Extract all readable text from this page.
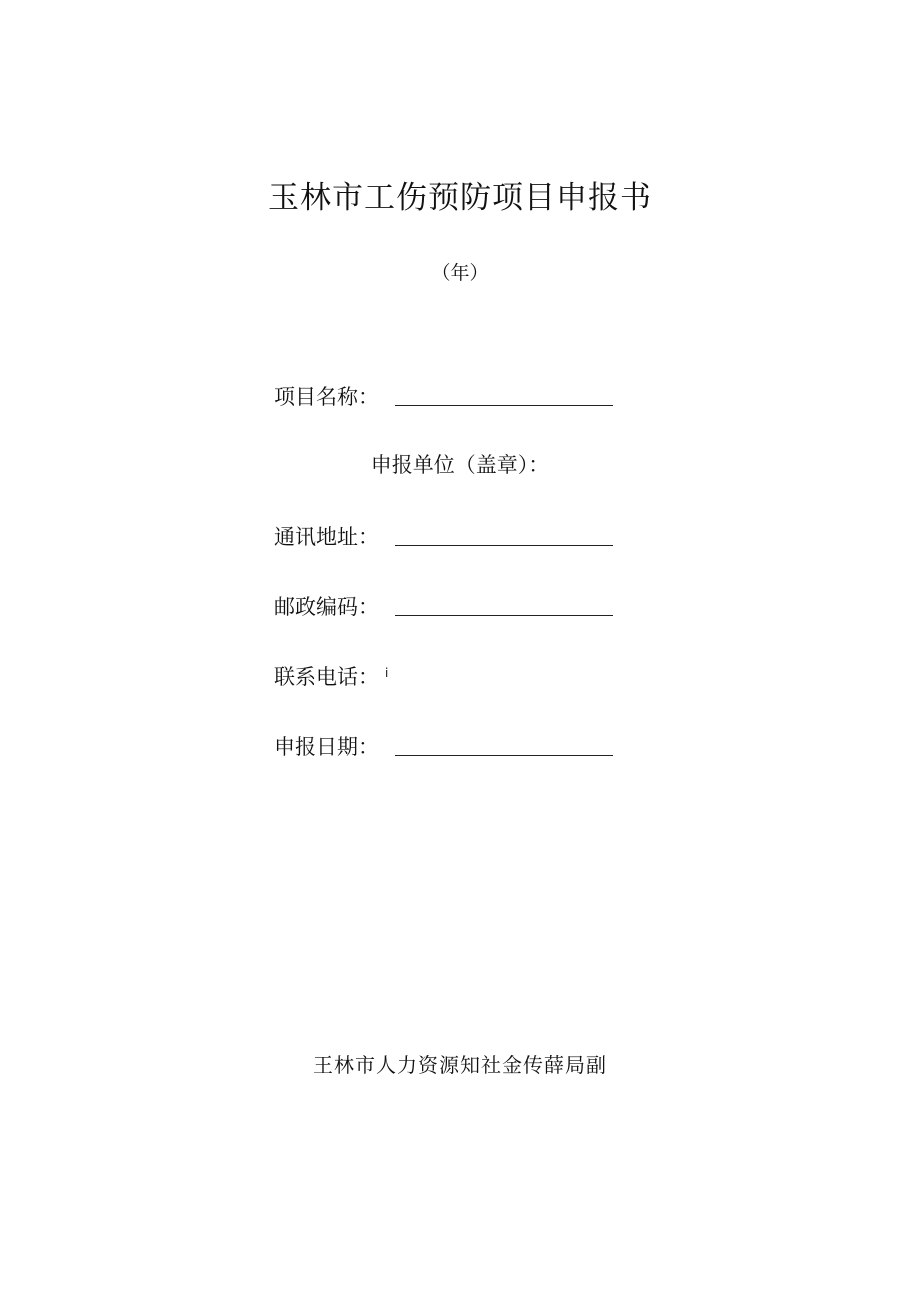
玉林市工伤预防项目申报书
（年）
项目名称：
申报单位（盖章）：
通讯地址：
邮政编码：
联系电话： i
申报日期：
王林市人力资源知社金传薛局副
